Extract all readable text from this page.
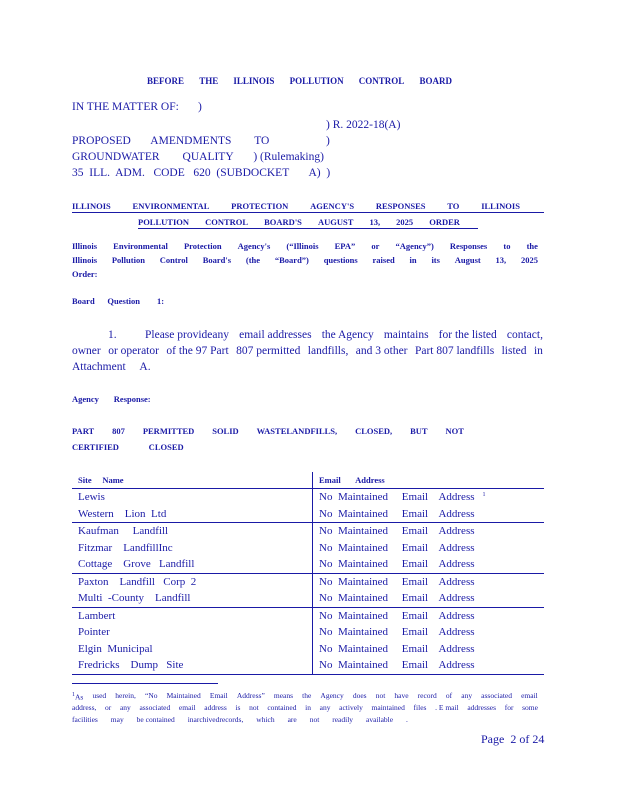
BEFORE THE ILLINOIS POLLUTION CONTROL BOARD
IN THE MATTER OF: )
) R. 2022-18(A)
PROPOSED       AMENDMENTS        TO	)
GROUNDWATER        QUALITY       ) (Rulemaking)
35  ILL.  ADM.   CODE   620  (SUBDOCKET       A)  )
ILLINOIS	ENVIRONMENTAL	PROTECTION	AGENCY'S	RESPONSES	TO	ILLINOIS
POLLUTION CONTROL BOARD'S AUGUST 13, 2025 ORDER
Illinois Environmental Protection Agency's (“Illinois EPA” or “Agency”) Responses to the
Illinois Pollution Control Board's (the “Board”) questions raised in its August 13, 2025
Order:
Board      Question        1:
1. Please provideany email addresses the Agency maintains for the listed contact,
owner or operator of the 97 Part 807 permitted landfills, and 3 other Part 807 landfills listed in
Attachment     A.
Agency       Response:
PART 807 PERMITTED SOLID WASTELANDFILLS, CLOSED, BUT NOT
CERTIFIED              CLOSED
Site     Name	Email       Address
Lewis	No  Maintained     Email    Address $^1$
Western    Lion  Ltd	No  Maintained     Email    Address
Kaufman     Landfill	No  Maintained     Email    Address
Fitzmar    LandfillInc	No  Maintained     Email    Address
Cottage    Grove   Landfill	No  Maintained     Email    Address
Paxton    Landfill   Corp  2	No  Maintained     Email    Address
Multi  -County    Landfill	No  Maintained     Email    Address
Lambert	No  Maintained     Email    Address
Pointer	No  Maintained     Email    Address
Elgin  Municipal	No  Maintained     Email    Address
Fredricks    Dump   Site	No  Maintained     Email    Address
$^1$As used herein, “No Maintained Email Address” means the Agency does not have record of any associated email
address, or any associated email address is not contained in any actively maintained files . E mail addresses for some
facilities may be contained inarchivedrecords, which are not readily available .
Page  2 of 24
